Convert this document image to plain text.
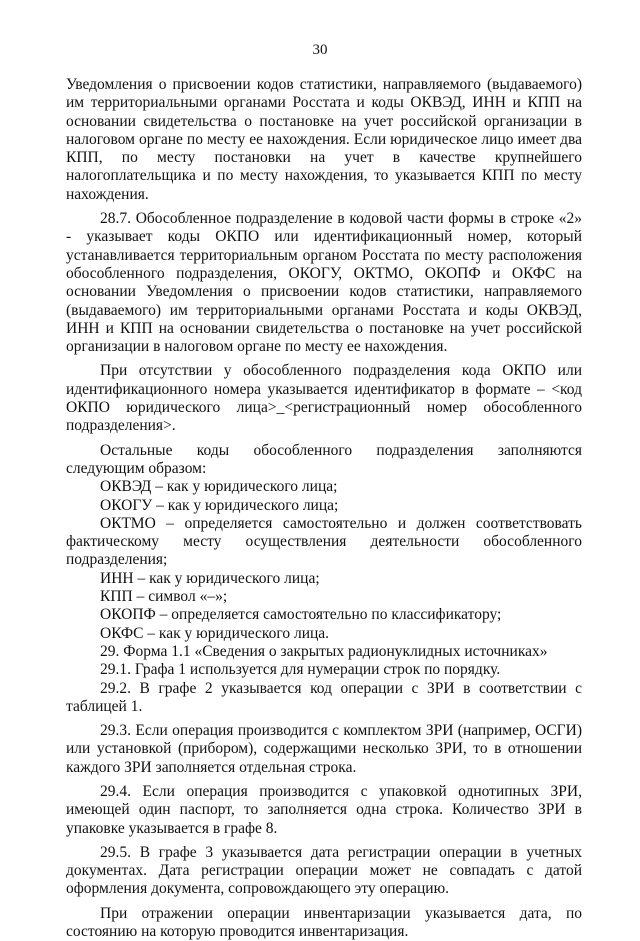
30

Уведомления о присвоении кодов статистики, направляемого (выдаваемого) им территориальными органами Росстата и коды ОКВЭД, ИНН и КПП на основании свидетельства о постановке на учет российской организации в налоговом органе по месту ее нахождения. Если юридическое лицо имеет два КПП, по месту постановки на учет в качестве крупнейшего налогоплательщика и по месту нахождения, то указывается КПП по месту нахождения.

28.7. Обособленное подразделение в кодовой части формы в строке «2» - указывает коды ОКПО или идентификационный номер, который устанавливается территориальным органом Росстата по месту расположения обособленного подразделения, ОКОГУ, ОКТМО, ОКОПФ и ОКФС на основании Уведомления о присвоении кодов статистики, направляемого (выдаваемого) им территориальными органами Росстата и коды ОКВЭД, ИНН и КПП на основании свидетельства о постановке на учет российской организации в налоговом органе по месту ее нахождения.

При отсутствии у обособленного подразделения кода ОКПО или идентификационного номера указывается идентификатор в формате – <код ОКПО юридического лица>_<регистрационный номер обособленного подразделения>.

Остальные коды обособленного подразделения заполняются следующим образом:

ОКВЭД – как у юридического лица;

ОКОГУ – как у юридического лица;

ОКТМО – определяется самостоятельно и должен соответствовать фактическому месту осуществления деятельности обособленного подразделения;

ИНН – как у юридического лица;

КПП – символ «–»;

ОКОПФ – определяется самостоятельно по классификатору;

ОКФС – как у юридического лица.

29. Форма 1.1 «Сведения о закрытых радионуклидных источниках»

29.1. Графа 1 используется для нумерации строк по порядку.

29.2. В графе 2 указывается код операции с ЗРИ в соответствии с таблицей 1.

29.3. Если операция производится с комплектом ЗРИ (например, ОСГИ) или установкой (прибором), содержащими несколько ЗРИ, то в отношении каждого ЗРИ заполняется отдельная строка.

29.4. Если операция производится с упаковкой однотипных ЗРИ, имеющей один паспорт, то заполняется одна строка. Количество ЗРИ в упаковке указывается в графе 8.

29.5. В графе 3 указывается дата регистрации операции в учетных документах. Дата регистрации операции может не совпадать с датой оформления документа, сопровождающего эту операцию.

При отражении операции инвентаризации указывается дата, по состоянию на которую проводится инвентаризация.
